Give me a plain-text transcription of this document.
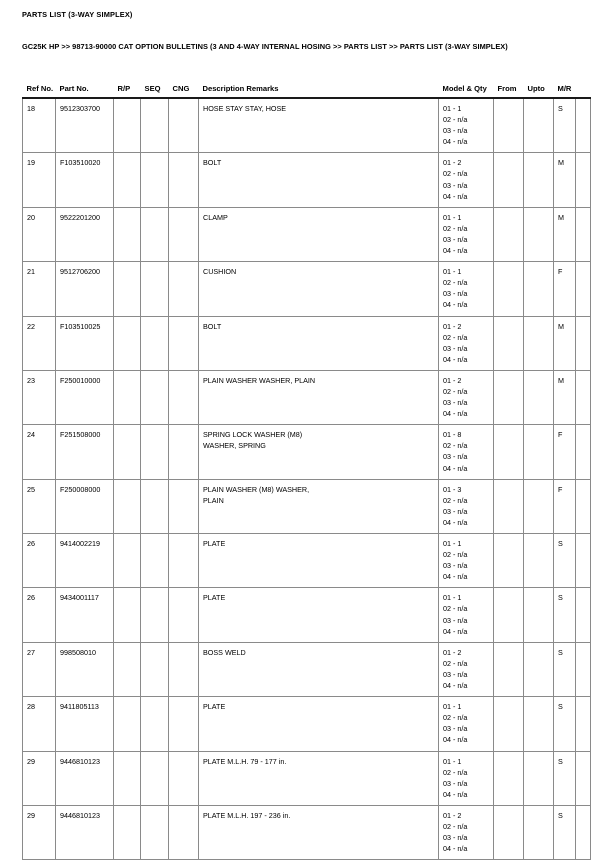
PARTS LIST (3-WAY SIMPLEX)
GC25K HP >> 98713-90000 CAT OPTION BULLETINS (3 AND 4-WAY INTERNAL HOSING >> PARTS LIST >> PARTS LIST (3-WAY SIMPLEX)
Ref No.	Part No.	R/P	SEQ	CNG	Description Remarks	Model & Qty	From	Upto	M/R	
18	9512303700				HOSE STAY STAY, HOSE	01 - 1
02 - n/a
03 - n/a
04 - n/a			S	
19	F103510020				BOLT	01 - 2
02 - n/a
03 - n/a
04 - n/a			M	
20	9522201200				CLAMP	01 - 1
02 - n/a
03 - n/a
04 - n/a			M	
21	9512706200				CUSHION	01 - 1
02 - n/a
03 - n/a
04 - n/a			F	
22	F103510025				BOLT	01 - 2
02 - n/a
03 - n/a
04 - n/a			M	
23	F250010000				PLAIN WASHER WASHER, PLAIN	01 - 2
02 - n/a
03 - n/a
04 - n/a			M	
24	F251508000				SPRING LOCK WASHER (M8)
WASHER, SPRING	01 - 8
02 - n/a
03 - n/a
04 - n/a			F	
25	F250008000				PLAIN WASHER (M8) WASHER,
PLAIN	01 - 3
02 - n/a
03 - n/a
04 - n/a			F	
26	9414002219				PLATE	01 - 1
02 - n/a
03 - n/a
04 - n/a			S	
26	9434001117				PLATE	01 - 1
02 - n/a
03 - n/a
04 - n/a			S	
27	998508010				BOSS WELD	01 - 2
02 - n/a
03 - n/a
04 - n/a			S	
28	9411805113				PLATE	01 - 1
02 - n/a
03 - n/a
04 - n/a			S	
29	9446810123				PLATE M.L.H. 79 - 177 in.	01 - 1
02 - n/a
03 - n/a
04 - n/a			S	
29	9446810123				PLATE M.L.H. 197 - 236 in.	01 - 2
02 - n/a
03 - n/a
04 - n/a			S	
